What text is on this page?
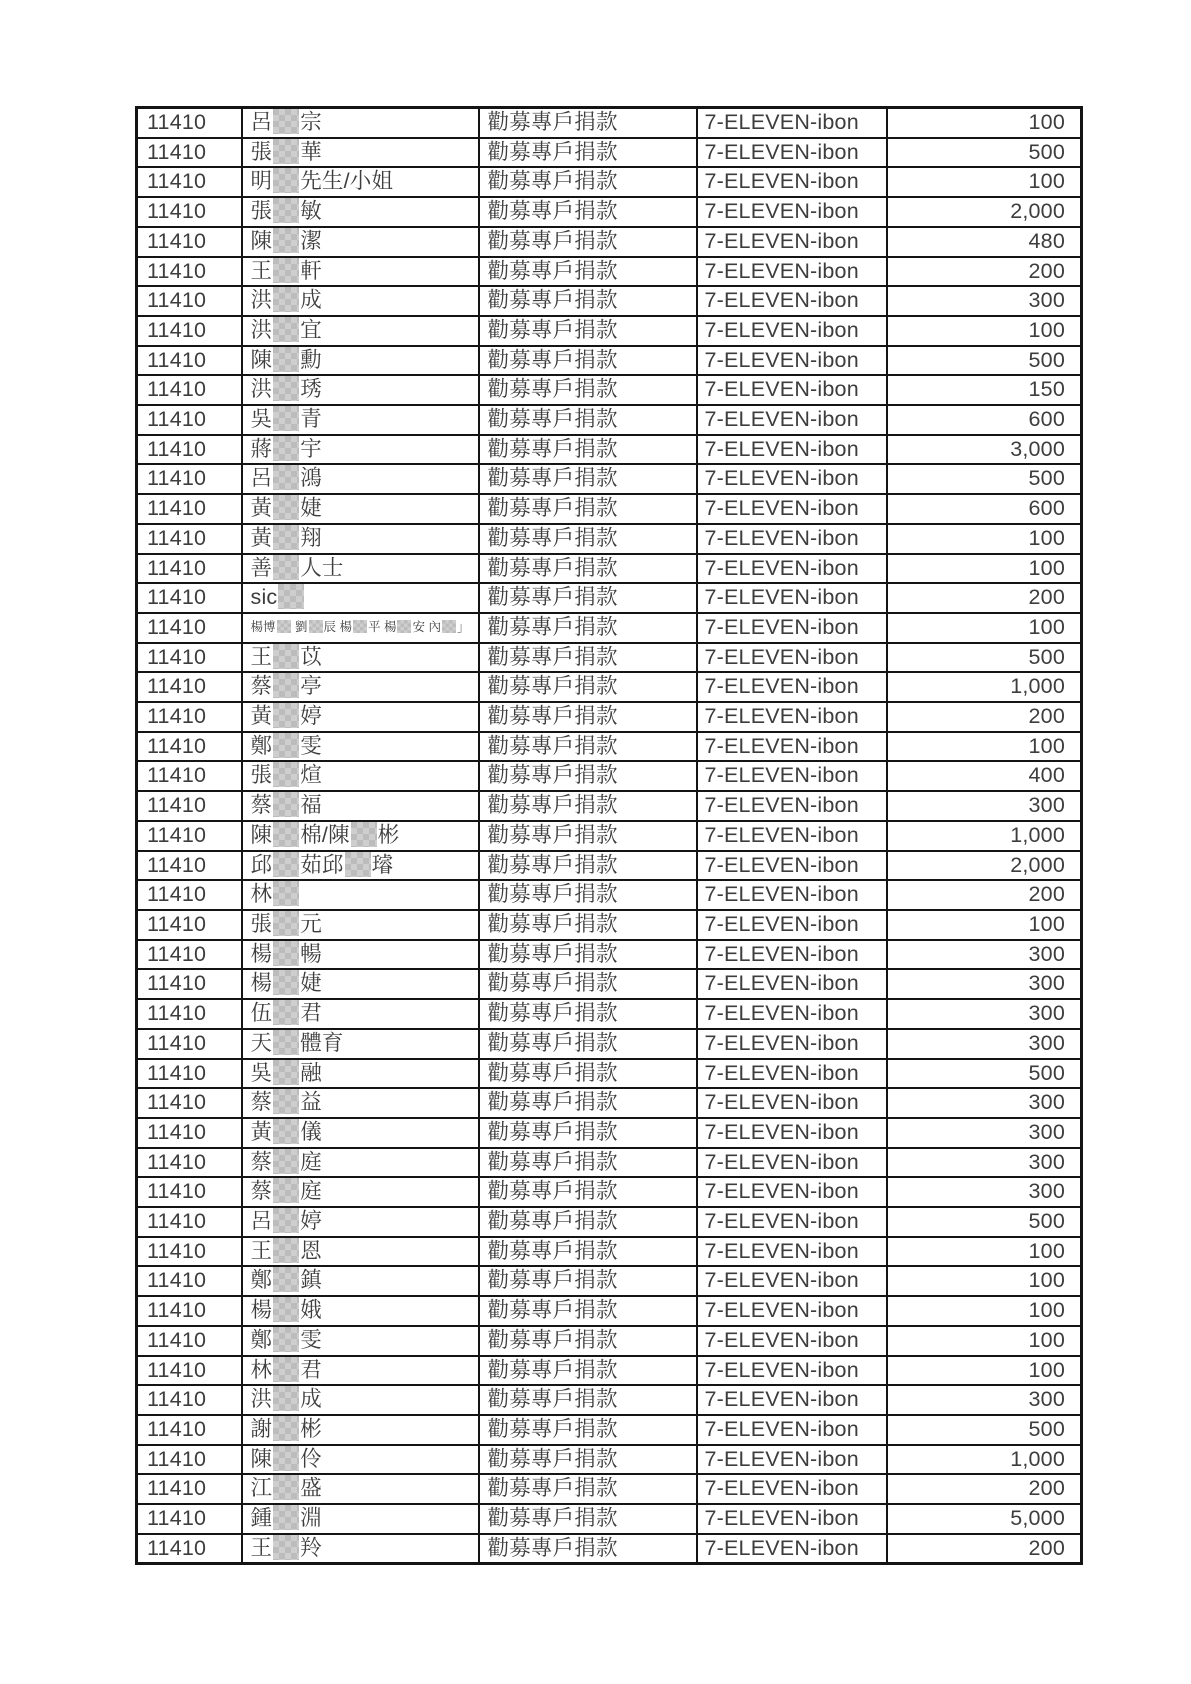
11410	呂 宗	勸募專戶捐款	7-ELEVEN-ibon	100
11410	張 華	勸募專戶捐款	7-ELEVEN-ibon	500
11410	明 先生/小姐	勸募專戶捐款	7-ELEVEN-ibon	100
11410	張 敏	勸募專戶捐款	7-ELEVEN-ibon	2,000
11410	陳 潔	勸募專戶捐款	7-ELEVEN-ibon	480
11410	王 軒	勸募專戶捐款	7-ELEVEN-ibon	200
11410	洪 成	勸募專戶捐款	7-ELEVEN-ibon	300
11410	洪 宜	勸募專戶捐款	7-ELEVEN-ibon	100
11410	陳 勳	勸募專戶捐款	7-ELEVEN-ibon	500
11410	洪 琇	勸募專戶捐款	7-ELEVEN-ibon	150
11410	吳 青	勸募專戶捐款	7-ELEVEN-ibon	600
11410	蔣 宇	勸募專戶捐款	7-ELEVEN-ibon	3,000
11410	呂 鴻	勸募專戶捐款	7-ELEVEN-ibon	500
11410	黃 婕	勸募專戶捐款	7-ELEVEN-ibon	600
11410	黃 翔	勸募專戶捐款	7-ELEVEN-ibon	100
11410	善 人士	勸募專戶捐款	7-ELEVEN-ibon	100
11410	sic	勸募專戶捐款	7-ELEVEN-ibon	200
11410	楊博 劉 辰 楊 平 楊 安 內 」	勸募專戶捐款	7-ELEVEN-ibon	100
11410	王 苡	勸募專戶捐款	7-ELEVEN-ibon	500
11410	蔡 亭	勸募專戶捐款	7-ELEVEN-ibon	1,000
11410	黃 婷	勸募專戶捐款	7-ELEVEN-ibon	200
11410	鄭 雯	勸募專戶捐款	7-ELEVEN-ibon	100
11410	張 煊	勸募專戶捐款	7-ELEVEN-ibon	400
11410	蔡 福	勸募專戶捐款	7-ELEVEN-ibon	300
11410	陳 棉/陳 彬	勸募專戶捐款	7-ELEVEN-ibon	1,000
11410	邱 茹邱 璿	勸募專戶捐款	7-ELEVEN-ibon	2,000
11410	林	勸募專戶捐款	7-ELEVEN-ibon	200
11410	張 元	勸募專戶捐款	7-ELEVEN-ibon	100
11410	楊 暢	勸募專戶捐款	7-ELEVEN-ibon	300
11410	楊 婕	勸募專戶捐款	7-ELEVEN-ibon	300
11410	伍 君	勸募專戶捐款	7-ELEVEN-ibon	300
11410	天 體育	勸募專戶捐款	7-ELEVEN-ibon	300
11410	吳 融	勸募專戶捐款	7-ELEVEN-ibon	500
11410	蔡 益	勸募專戶捐款	7-ELEVEN-ibon	300
11410	黃 儀	勸募專戶捐款	7-ELEVEN-ibon	300
11410	蔡 庭	勸募專戶捐款	7-ELEVEN-ibon	300
11410	蔡 庭	勸募專戶捐款	7-ELEVEN-ibon	300
11410	呂 婷	勸募專戶捐款	7-ELEVEN-ibon	500
11410	王 恩	勸募專戶捐款	7-ELEVEN-ibon	100
11410	鄭 鎮	勸募專戶捐款	7-ELEVEN-ibon	100
11410	楊 娥	勸募專戶捐款	7-ELEVEN-ibon	100
11410	鄭 雯	勸募專戶捐款	7-ELEVEN-ibon	100
11410	林 君	勸募專戶捐款	7-ELEVEN-ibon	100
11410	洪 成	勸募專戶捐款	7-ELEVEN-ibon	300
11410	謝 彬	勸募專戶捐款	7-ELEVEN-ibon	500
11410	陳 伶	勸募專戶捐款	7-ELEVEN-ibon	1,000
11410	江 盛	勸募專戶捐款	7-ELEVEN-ibon	200
11410	鍾 淵	勸募專戶捐款	7-ELEVEN-ibon	5,000
11410	王 羚	勸募專戶捐款	7-ELEVEN-ibon	200
